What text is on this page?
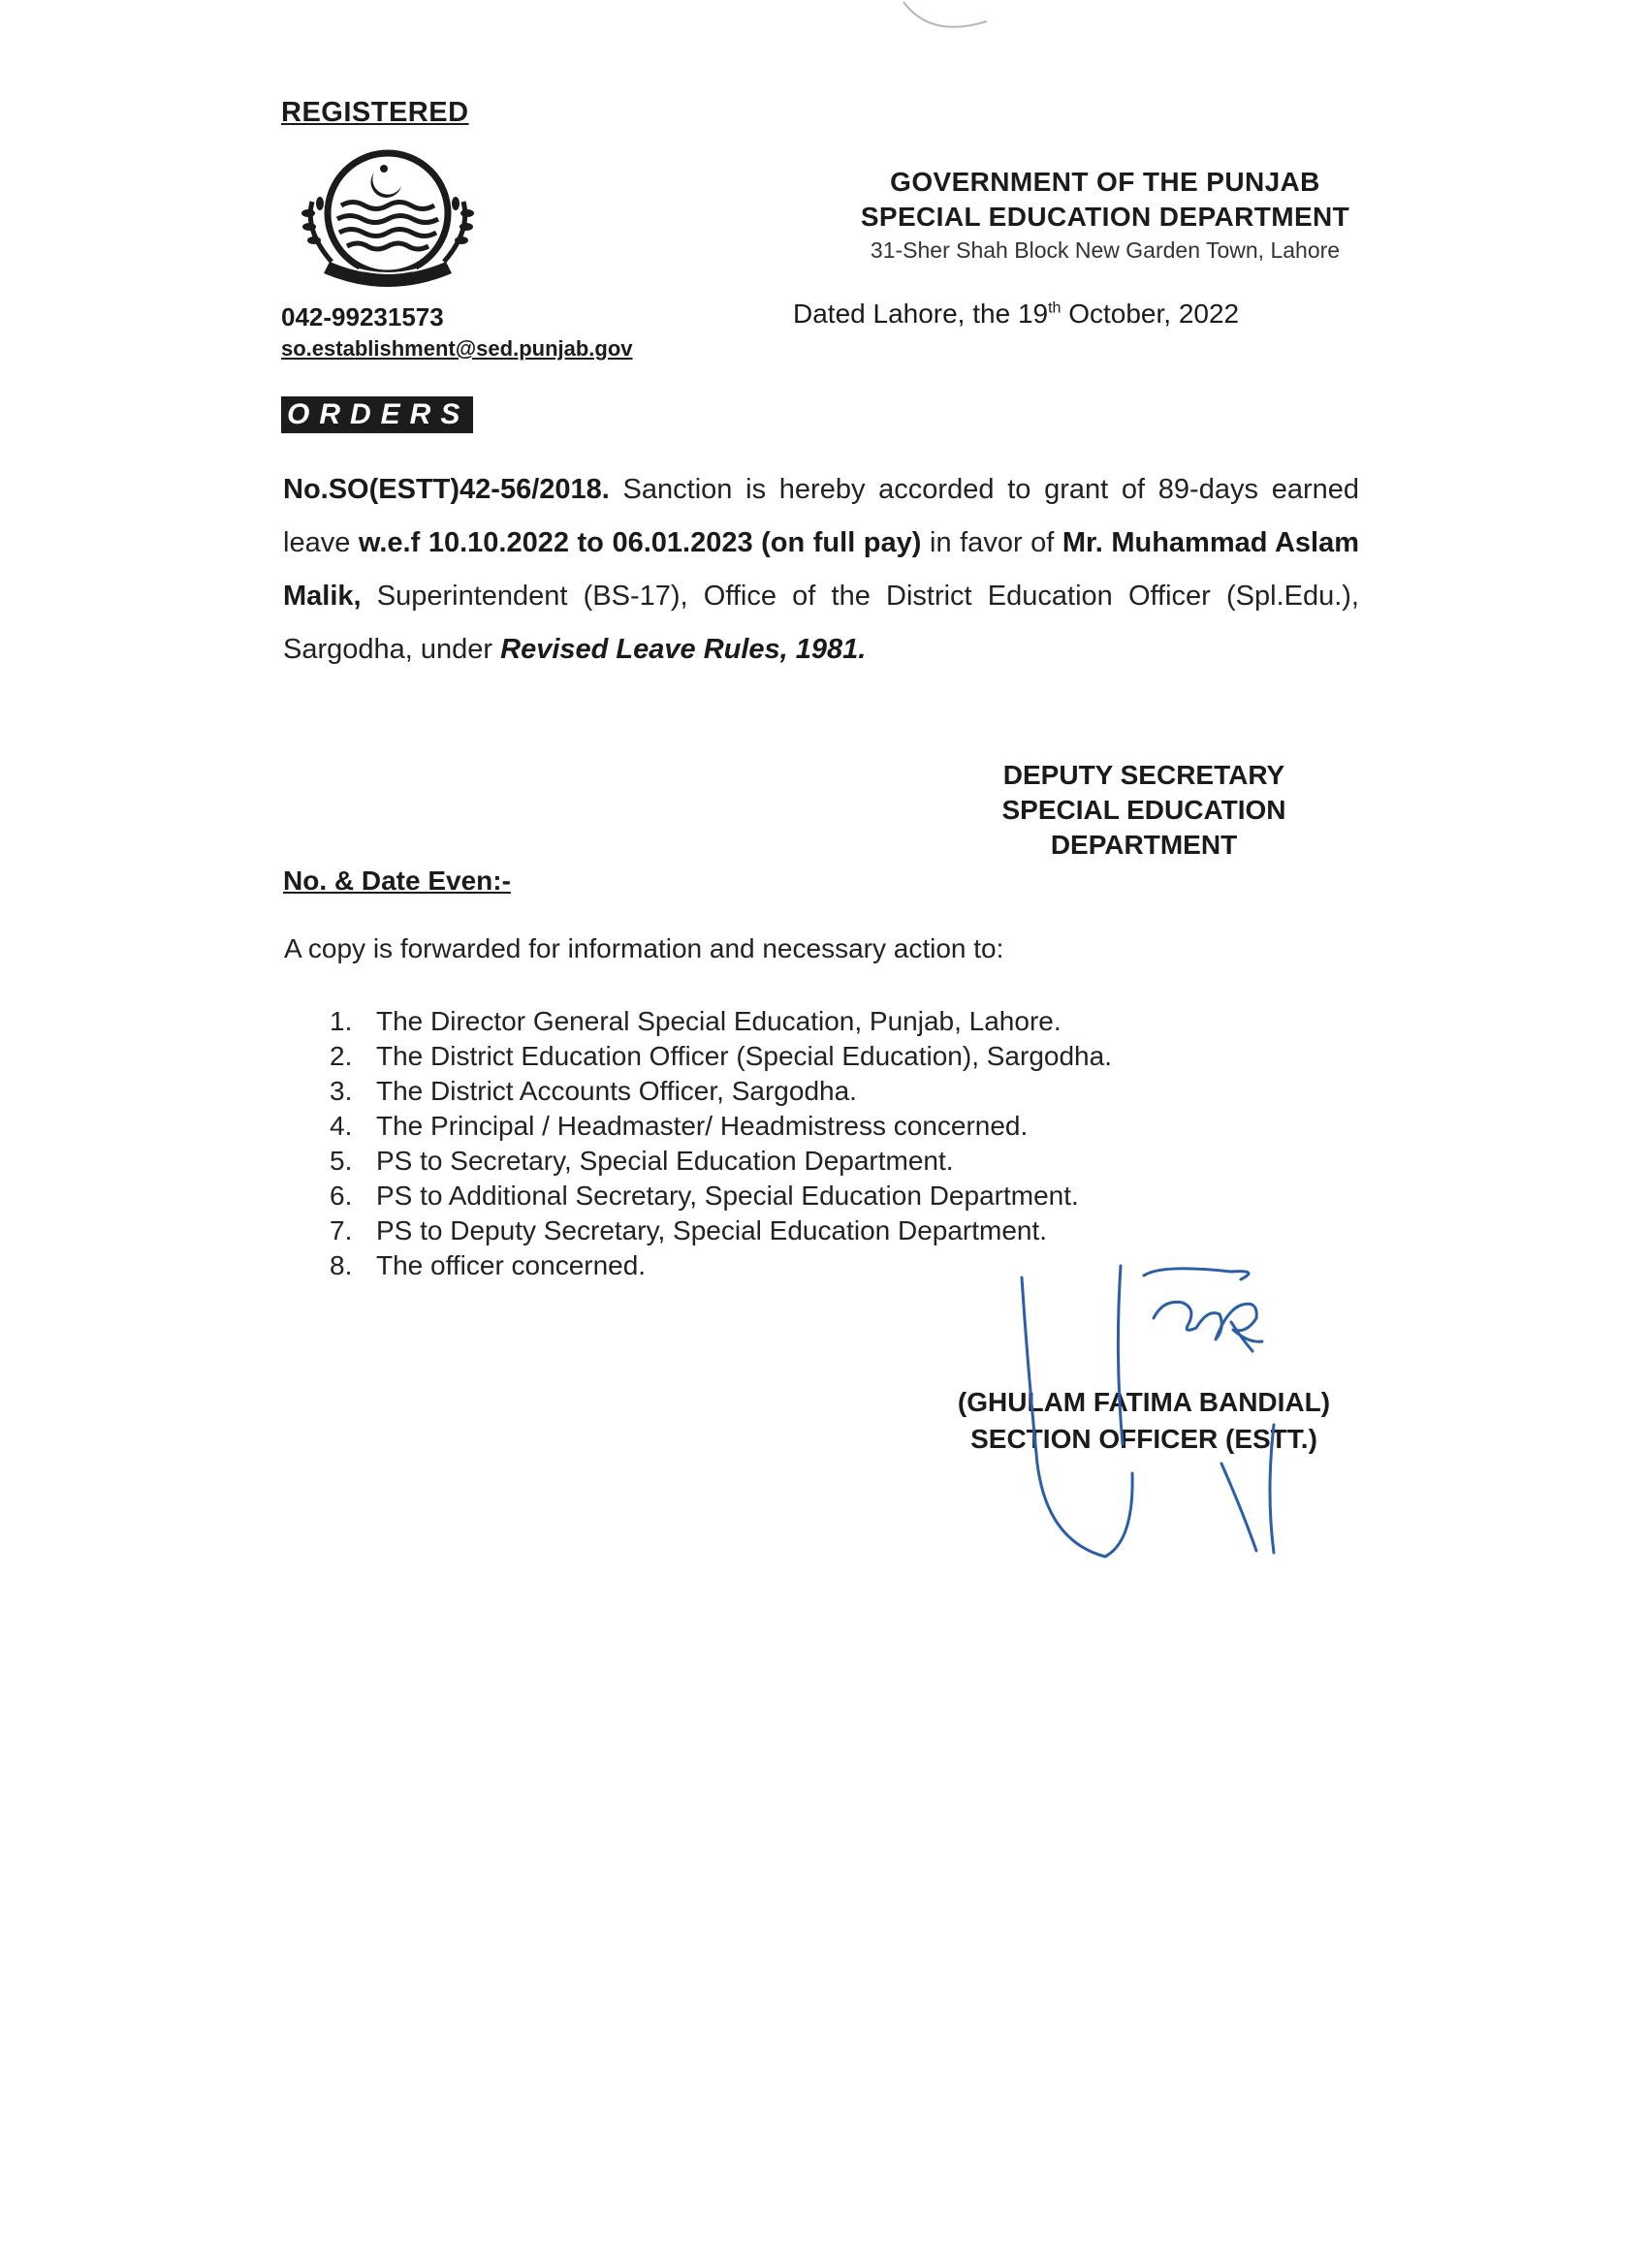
REGISTERED
GOVERNMENT OF THE PUNJAB
SPECIAL EDUCATION DEPARTMENT
31-Sher Shah Block New Garden Town, Lahore
042-99231573
so.establishment@sed.punjab.gov
Dated Lahore, the 19th October, 2022
ORDERS
No.SO(ESTT)42-56/2018. Sanction is hereby accorded to grant of 89-days earned leave w.e.f 10.10.2022 to 06.01.2023 (on full pay) in favor of Mr. Muhammad Aslam Malik, Superintendent (BS-17), Office of the District Education Officer (Spl.Edu.), Sargodha, under Revised Leave Rules, 1981.
DEPUTY SECRETARY
SPECIAL EDUCATION
DEPARTMENT
No. & Date Even:-
A copy is forwarded for information and necessary action to:
1. The Director General Special Education, Punjab, Lahore.
2. The District Education Officer (Special Education), Sargodha.
3. The District Accounts Officer, Sargodha.
4. The Principal / Headmaster/ Headmistress concerned.
5. PS to Secretary, Special Education Department.
6. PS to Additional Secretary, Special Education Department.
7. PS to Deputy Secretary, Special Education Department.
8. The officer concerned.
(GHULAM FATIMA BANDIAL)
SECTION OFFICER (ESTT.)
